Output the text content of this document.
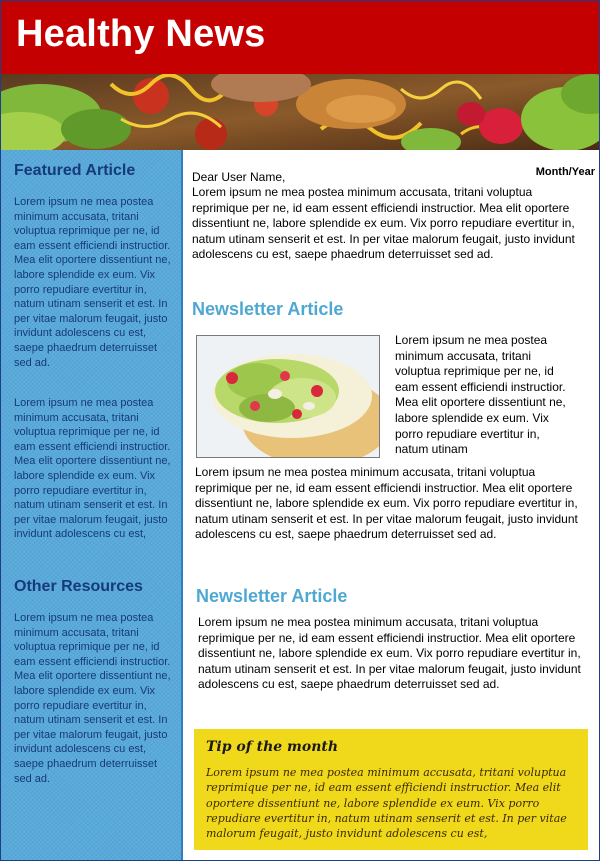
Healthy News
Featured Article

Lorem ipsum ne mea postea minimum accusata, tritani voluptua reprimique per ne, id eam essent efficiendi instructior. Mea elit oportere dissentiunt ne, labore splendide ex eum. Vix porro repudiare evertitur in, natum utinam senserit et est. In per vitae malorum feugait, justo invidunt adolescens cu est, saepe phaedrum deterruisset sed ad.

Lorem ipsum ne mea postea minimum accusata, tritani voluptua reprimique per ne, id eam essent efficiendi instructior. Mea elit oportere dissentiunt ne, labore splendide ex eum. Vix porro repudiare evertitur in, natum utinam senserit et est. In per vitae malorum feugait, justo invidunt adolescens cu est,

Other Resources

Lorem ipsum ne mea postea minimum accusata, tritani voluptua reprimique per ne, id eam essent efficiendi instructior. Mea elit oportere dissentiunt ne, labore splendide ex eum. Vix porro repudiare evertitur in, natum utinam senserit et est. In per vitae malorum feugait, justo invidunt adolescens cu est, saepe phaedrum deterruisset sed ad.

Month/Year

Dear User Name,

Lorem ipsum ne mea postea minimum accusata, tritani voluptua reprimique per ne, id eam essent efficiendi instructior. Mea elit oportere dissentiunt ne, labore splendide ex eum. Vix porro repudiare evertitur in, natum utinam senserit et est. In per vitae malorum feugait, justo invidunt adolescens cu est, saepe phaedrum deterruisset sed ad.

Newsletter Article

Lorem ipsum ne mea postea minimum accusata, tritani voluptua reprimique per ne, id eam essent efficiendi instructior. Mea elit oportere dissentiunt ne, labore splendide ex eum. Vix porro repudiare evertitur in, natum utinam

Lorem ipsum ne mea postea minimum accusata, tritani voluptua reprimique per ne, id eam essent efficiendi instructior. Mea elit oportere dissentiunt ne, labore splendide ex eum. Vix porro repudiare evertitur in, natum utinam senserit et est. In per vitae malorum feugait, justo invidunt adolescens cu est, saepe phaedrum deterruisset sed ad.

Newsletter Article

Lorem ipsum ne mea postea minimum accusata, tritani voluptua reprimique per ne, id eam essent efficiendi instructior. Mea elit oportere dissentiunt ne, labore splendide ex eum. Vix porro repudiare evertitur in, natum utinam senserit et est. In per vitae malorum feugait, justo invidunt adolescens cu est, saepe phaedrum deterruisset sed ad.

Tip of the month

Lorem ipsum ne mea postea minimum accusata, tritani voluptua reprimique per ne, id eam essent efficiendi instructior. Mea elit oportere dissentiunt ne, labore splendide ex eum. Vix porro repudiare evertitur in, natum utinam senserit et est. In per vitae malorum feugait, justo invidunt adolescens cu est,
